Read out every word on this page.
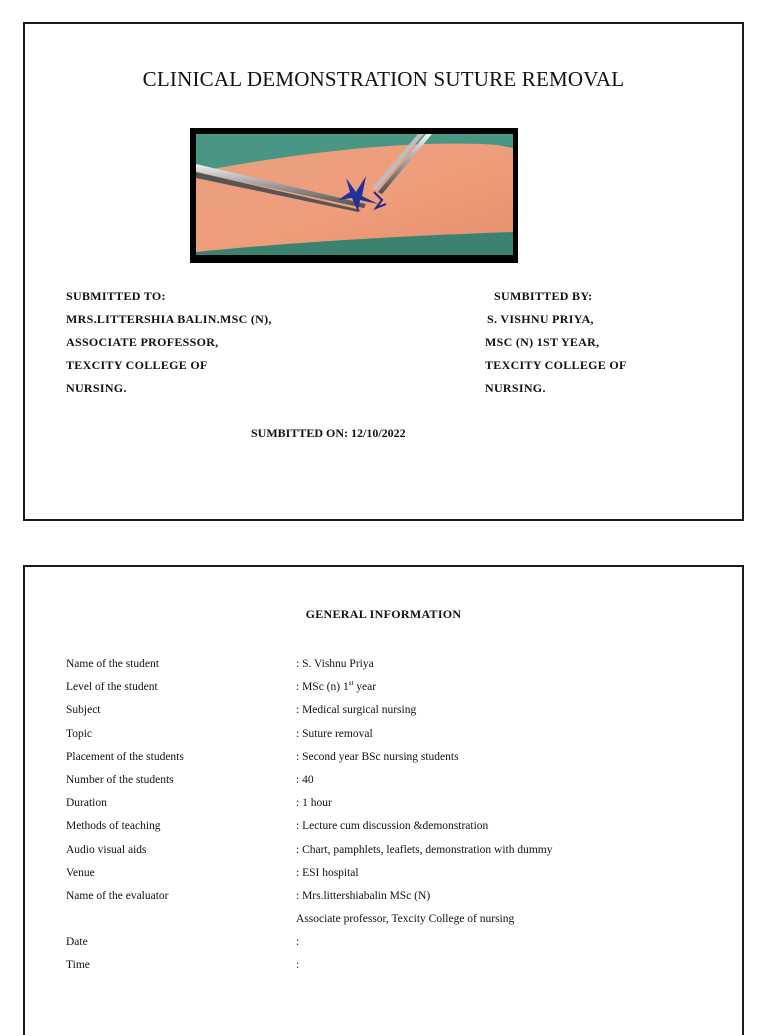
CLINICAL DEMONSTRATION SUTURE REMOVAL
SUBMITTED TO:
MRS.LITTERSHIA BALIN.MSC (N),
ASSOCIATE PROFESSOR,
TEXCITY COLLEGE OF
NURSING.
SUMBITTED BY:
S. VISHNU PRIYA,
MSC (N) 1ST YEAR,
TEXCITY COLLEGE OF
NURSING.
SUMBITTED ON: 12/10/2022
GENERAL INFORMATION
Name of the student	: S. Vishnu Priya
Level of the student	: MSc (n) 1st year
Subject	: Medical surgical nursing
Topic	: Suture removal
Placement of the students	: Second year BSc nursing students
Number of the students	: 40
Duration	: 1 hour
Methods of teaching	: Lecture cum discussion &demonstration
Audio visual aids	: Chart, pamphlets, leaflets, demonstration with dummy
Venue	: ESI hospital
Name of the evaluator	: Mrs.littershiabalin MSc (N)
Associate professor, Texcity College of nursing
Date	:
Time	:
